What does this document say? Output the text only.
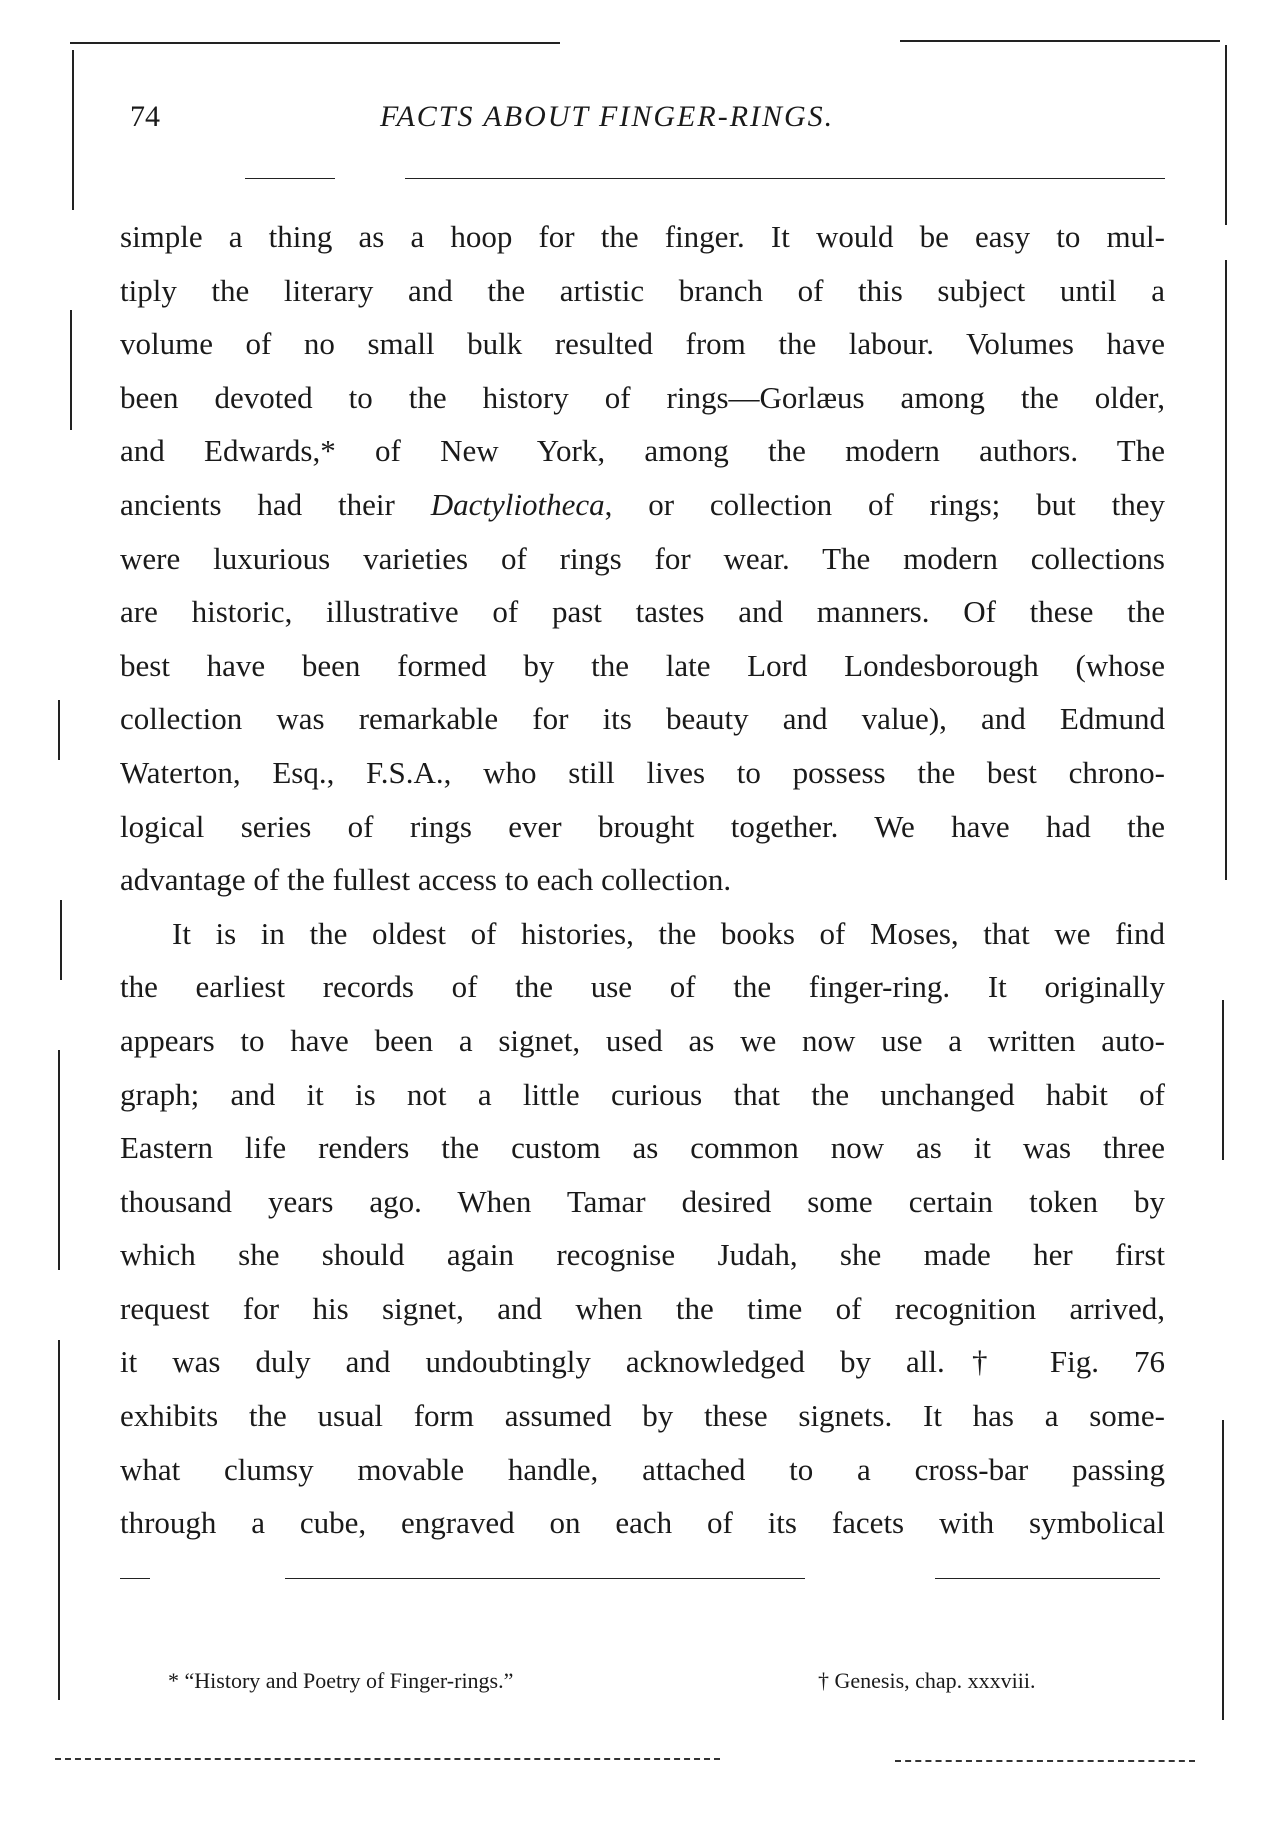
74	FACTS ABOUT FINGER-RINGS.
simple a thing as a hoop for the finger. It would be easy to mul-
tiply the literary and the artistic branch of this subject until a
volume of no small bulk resulted from the labour. Volumes have
been devoted to the history of rings—Gorlæus among the older,
and Edwards,* of New York, among the modern authors. The
ancients had their Dactyliotheca, or collection of rings; but they
were luxurious varieties of rings for wear. The modern collections
are historic, illustrative of past tastes and manners. Of these the
best have been formed by the late Lord Londesborough (whose
collection was remarkable for its beauty and value), and Edmund
Waterton, Esq., F.S.A., who still lives to possess the best chrono-
logical series of rings ever brought together. We have had the
advantage of the fullest access to each collection.
It is in the oldest of histories, the books of Moses, that we find
the earliest records of the use of the finger-ring. It originally
appears to have been a signet, used as we now use a written auto-
graph; and it is not a little curious that the unchanged habit of
Eastern life renders the custom as common now as it was three
thousand years ago. When Tamar desired some certain token by
which she should again recognise Judah, she made her first
request for his signet, and when the time of recognition arrived,
it was duly and undoubtingly acknowledged by all.† Fig. 76
exhibits the usual form assumed by these signets. It has a some-
what clumsy movable handle, attached to a cross-bar passing
through a cube, engraved on each of its facets with symbolical
* “History and Poetry of Finger-rings.”	† Genesis, chap. xxxviii.
